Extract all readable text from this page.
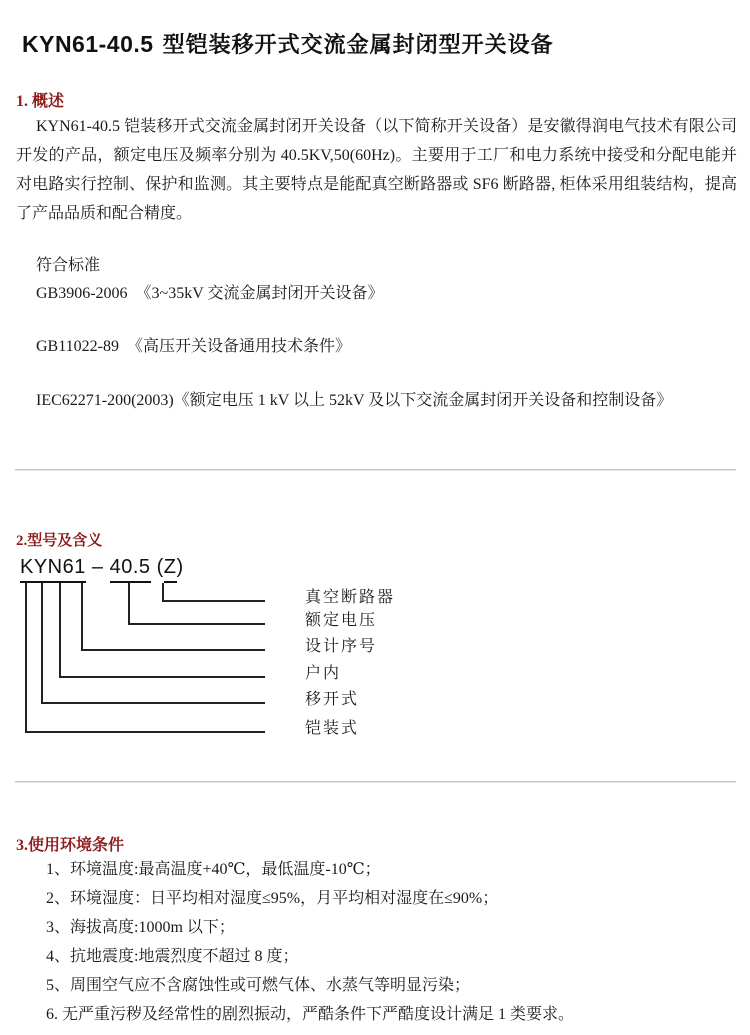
KYN61-40.5 型铠装移开式交流金属封闭型开关设备
1. 概述

KYN61-40.5 铠装移开式交流金属封闭开关设备（以下简称开关设备）是安徽得润电气技术有限公司开发的产品，额定电压及频率分别为 40.5KV,50(60Hz)。主要用于工厂和电力系统中接受和分配电能并对电路实行控制、保护和监测。其主要特点是能配真空断路器或 SF6 断路器, 柜体采用组装结构，提高了产品品质和配合精度。

符合标准

GB3906-2006  《3~35kV 交流金属封闭开关设备》

GB11022-89  《高压开关设备通用技术条件》

IEC62271-200(2003)《额定电压 1 kV 以上 52kV 及以下交流金属封闭开关设备和控制设备》

2.型号及含义
KYN61 – 40.5 (Z)
真空断路器
额定电压
设计序号
户内
移开式
铠装式
3.使用环境条件
1、环境温度:最高温度+40℃，最低温度-10℃；
2、环境湿度：日平均相对湿度≤95%，月平均相对湿度在≤90%；
3、海拔高度:1000m 以下；
4、抗地震度:地震烈度不超过 8 度；
5、周围空气应不含腐蚀性或可燃气体、水蒸气等明显污染；
6. 无严重污秽及经常性的剧烈振动，严酷条件下严酷度设计满足 1 类要求。
